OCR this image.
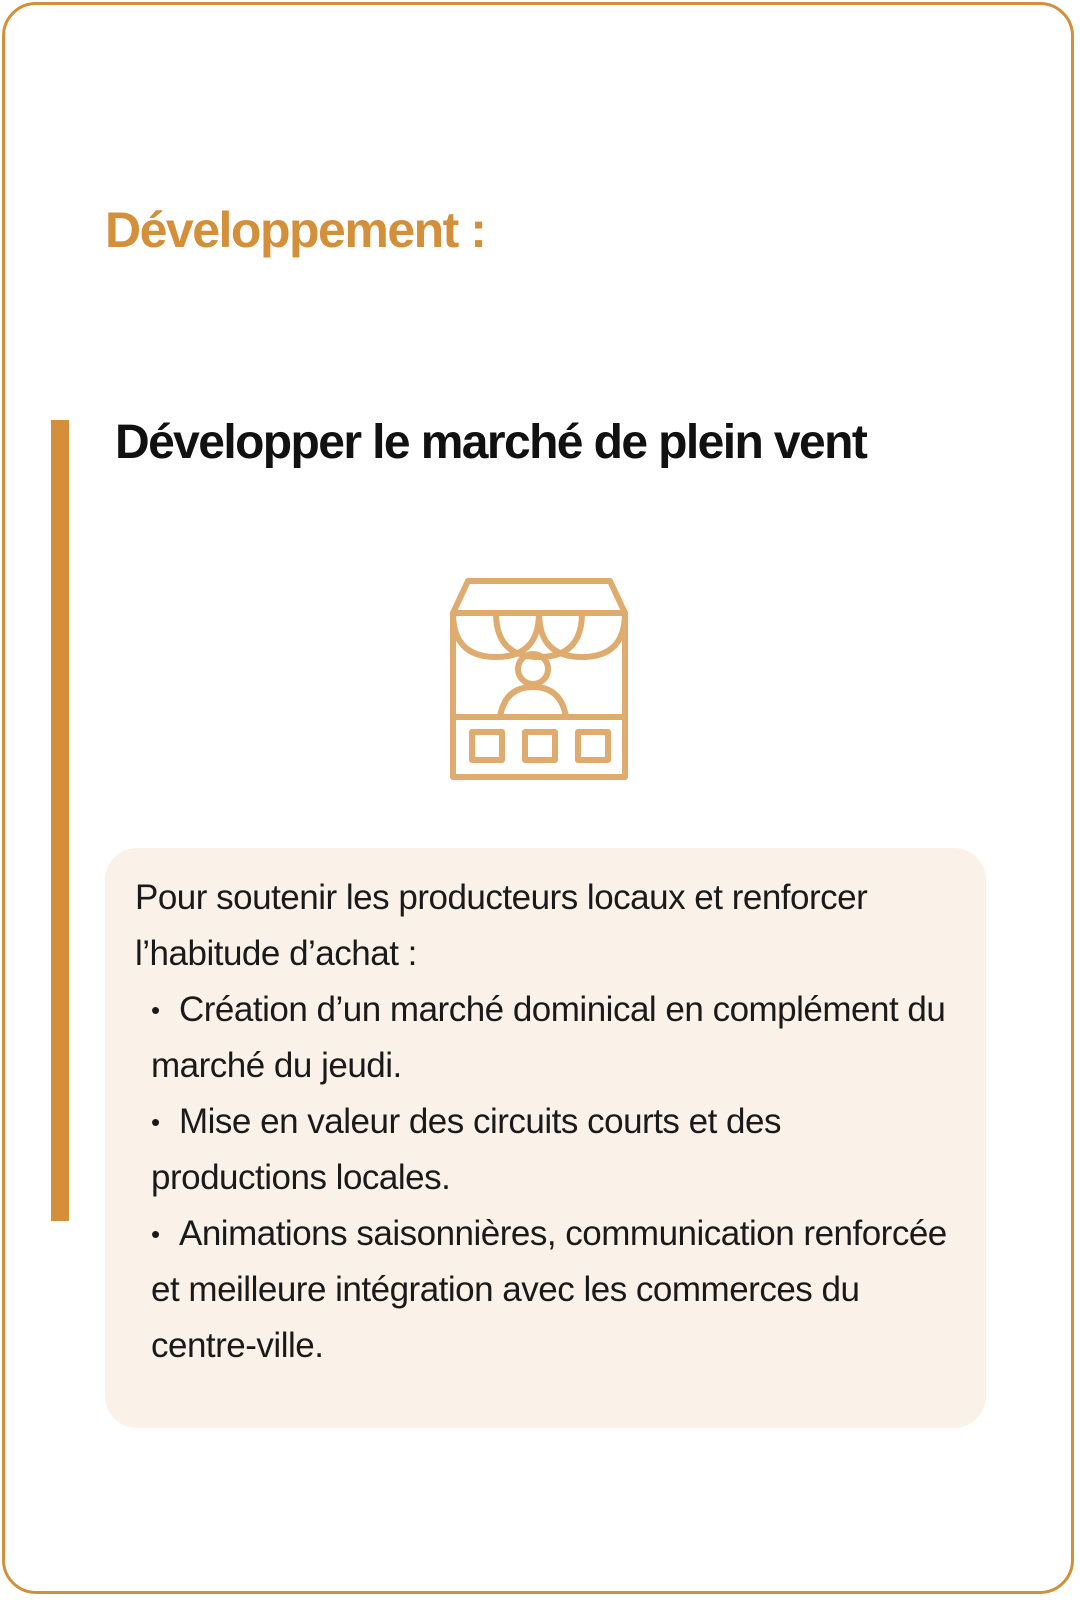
Développement :
Développer le marché de plein vent

Pour soutenir les producteurs locaux et renforcer l’habitude d’achat :

• Création d’un marché dominical en complément du marché du jeudi.

• Mise en valeur des circuits courts et des productions locales.

• Animations saisonnières, communication renforcée et meilleure intégration avec les commerces du centre-ville.
